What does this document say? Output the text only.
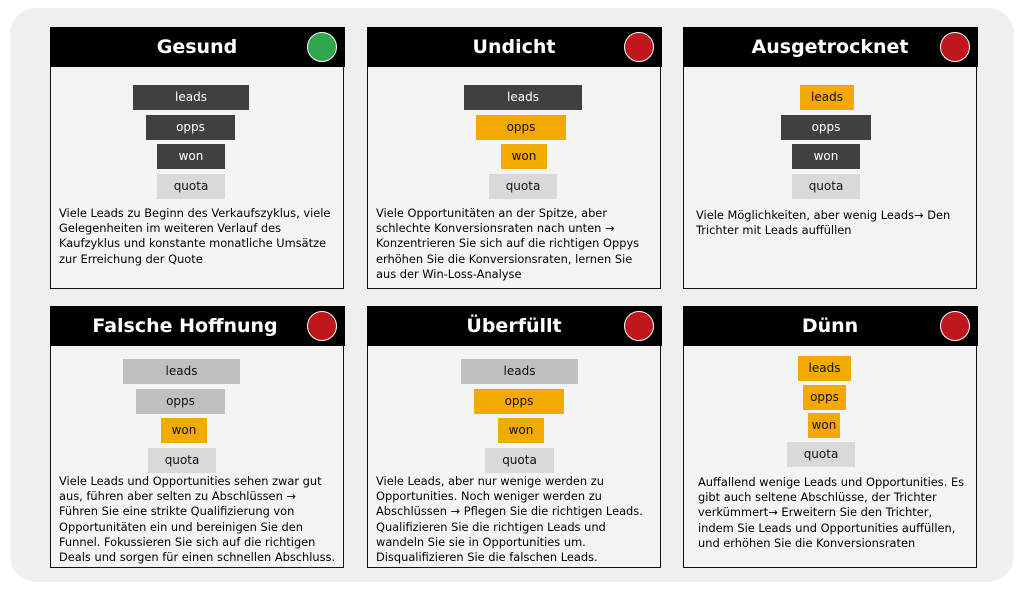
Gesund
leads
opps
won
quota
Viele Leads zu Beginn des Verkaufszyklus, viele Gelegenheiten im weiteren Verlauf des Kaufzyklus und konstante monatliche Umsätze zur Erreichung der Quote
Undicht
leads
opps
won
quota
Viele Opportunitäten an der Spitze, aber schlechte Konversionsraten nach unten → Konzentrieren Sie sich auf die richtigen Oppys erhöhen Sie die Konversionsraten, lernen Sie aus der Win-Loss-Analyse
Ausgetrocknet
leads
opps
won
quota
Viele Möglichkeiten, aber wenig Leads→ Den Trichter mit Leads auffüllen
Falsche Hoffnung
leads
opps
won
quota
Viele Leads und Opportunities sehen zwar gut aus, führen aber selten zu Abschlüssen → Führen Sie eine strikte Qualifizierung von Opportunitäten ein und bereinigen Sie den Funnel. Fokussieren Sie sich auf die richtigen Deals und sorgen für einen schnellen Abschluss.
Überfüllt
leads
opps
won
quota
Viele Leads, aber nur wenige werden zu Opportunities. Noch weniger werden zu Abschlüssen → Pflegen Sie die richtigen Leads. Qualifizieren Sie die richtigen Leads und wandeln Sie sie in Opportunities um. Disqualifizieren Sie die falschen Leads.
Dünn
leads
opps
won
quota
Auffallend wenige Leads und Opportunities. Es gibt auch seltene Abschlüsse, der Trichter verkümmert→ Erweitern Sie den Trichter, indem Sie Leads und Opportunities auffüllen, und erhöhen Sie die Konversionsraten
